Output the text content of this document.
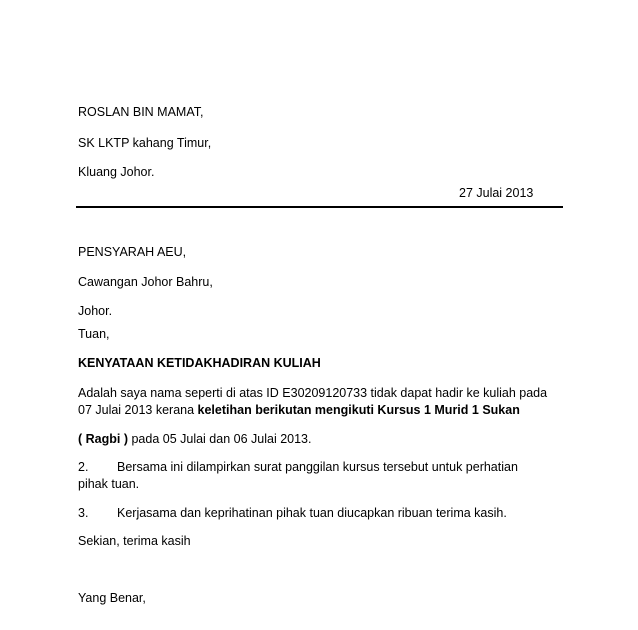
ROSLAN BIN MAMAT,
SK LKTP kahang Timur,
Kluang Johor.
27 Julai 2013
PENSYARAH AEU,
Cawangan Johor Bahru,
Johor.
Tuan,
KENYATAAN KETIDAKHADIRAN KULIAH
Adalah saya nama seperti di atas ID E30209120733 tidak dapat hadir ke kuliah pada
07 Julai 2013 kerana keletihan berikutan mengikuti Kursus 1 Murid 1 Sukan
( Ragbi ) pada 05 Julai dan 06 Julai 2013.
2. Bersama ini dilampirkan surat panggilan kursus tersebut untuk perhatian
pihak tuan.
3. Kerjasama dan keprihatinan pihak tuan diucapkan ribuan terima kasih.
Sekian, terima kasih
Yang Benar,
